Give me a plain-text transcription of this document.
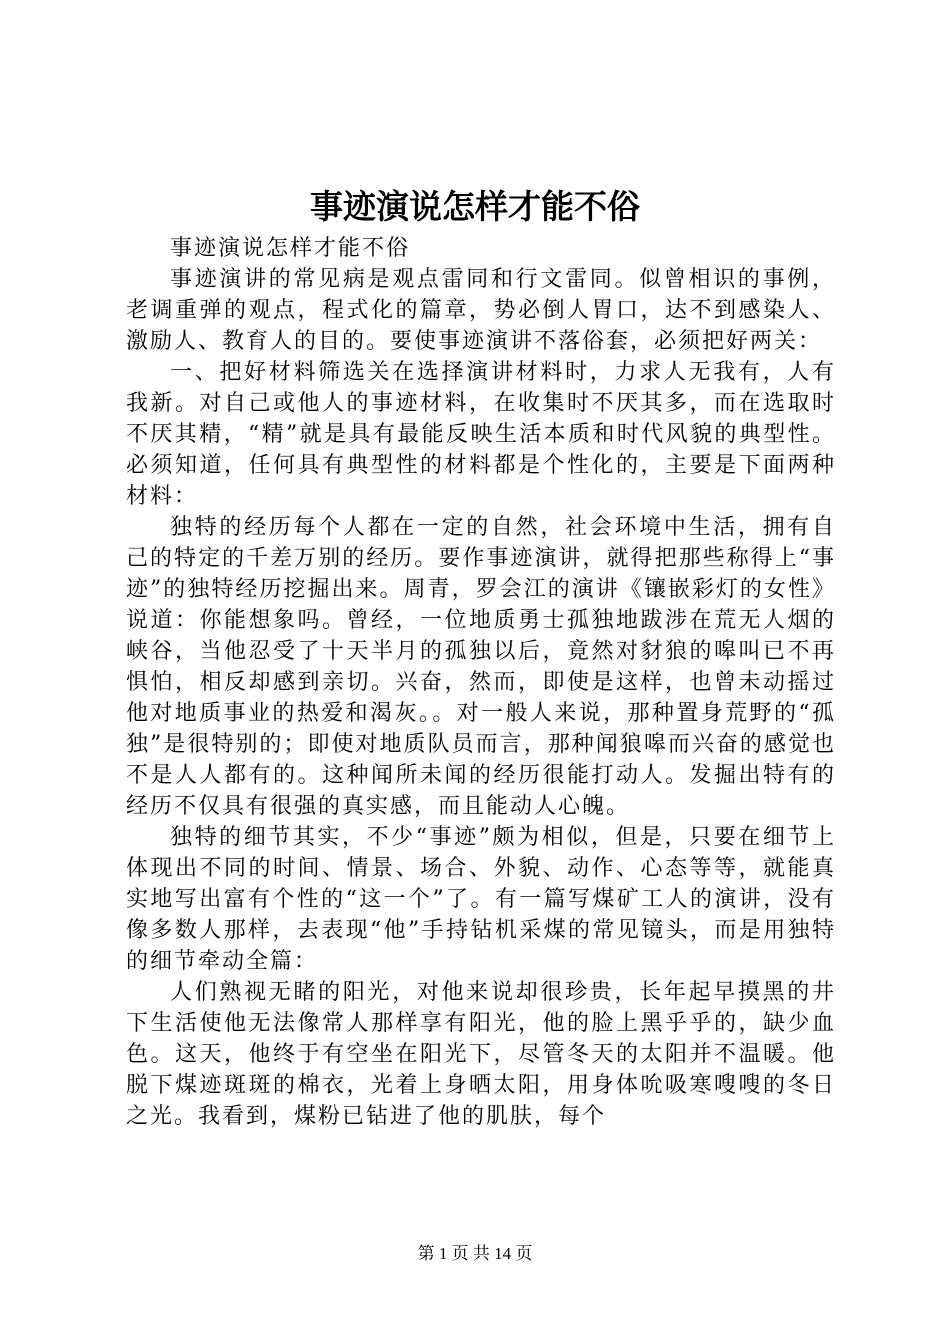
事迹演说怎样才能不俗

事迹演说怎样才能不俗

事迹演讲的常见病是观点雷同和行文雷同。似曾相识的事例，老调重弹的观点，程式化的篇章，势必倒人胃口，达不到感染人、激励人、教育人的目的。要使事迹演讲不落俗套，必须把好两关：

一、把好材料筛选关在选择演讲材料时，力求人无我有，人有我新。对自己或他人的事迹材料，在收集时不厌其多，而在选取时不厌其精，“精”就是具有最能反映生活本质和时代风貌的典型性。必须知道，任何具有典型性的材料都是个性化的，主要是下面两种材料：

独特的经历每个人都在一定的自然，社会环境中生活，拥有自己的特定的千差万别的经历。要作事迹演讲，就得把那些称得上“事迹”的独特经历挖掘出来。周青，罗会江的演讲《镶嵌彩灯的女性》说道：你能想象吗。曾经，一位地质勇士孤独地跋涉在荒无人烟的峡谷，当他忍受了十天半月的孤独以后，竟然对豺狼的嗥叫已不再惧怕，相反却感到亲切。兴奋，然而，即使是这样，也曾未动摇过他对地质事业的热爱和渴灰。。对一般人来说，那种置身荒野的“孤独”是很特别的；即使对地质队员而言，那种闻狼嗥而兴奋的感觉也不是人人都有的。这种闻所未闻的经历很能打动人。发掘出特有的经历不仅具有很强的真实感，而且能动人心魄。

独特的细节其实，不少“事迹”颇为相似，但是，只要在细节上体现出不同的时间、情景、场合、外貌、动作、心态等等，就能真实地写出富有个性的“这一个”了。有一篇写煤矿工人的演讲，没有像多数人那样，去表现“他”手持钻机采煤的常见镜头，而是用独特的细节牵动全篇：

人们熟视无睹的阳光，对他来说却很珍贵，长年起早摸黑的井下生活使他无法像常人那样享有阳光，他的脸上黑乎乎的，缺少血色。这天，他终于有空坐在阳光下，尽管冬天的太阳并不温暖。他脱下煤迹斑斑的棉衣，光着上身晒太阳，用身体吮吸寒嗖嗖的冬日之光。我看到，煤粉已钻进了他的肌肤，每个

第 1 页 共 14 页
